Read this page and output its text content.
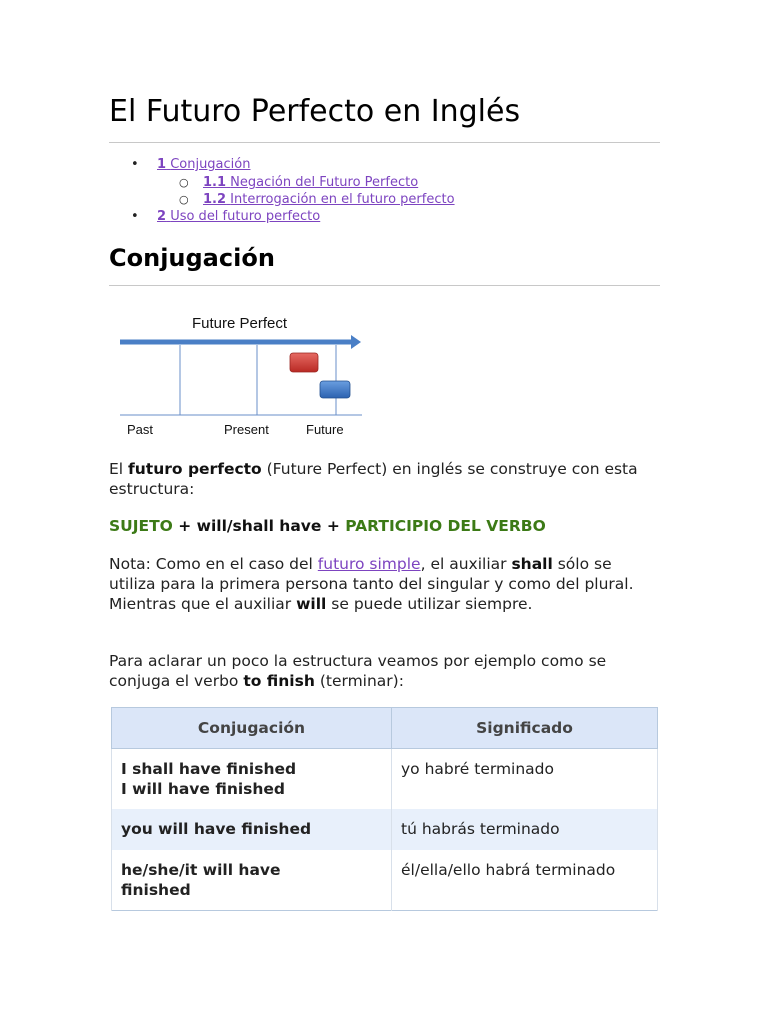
El Futuro Perfecto en Inglés
• 1 Conjugación
○ 1.1 Negación del Futuro Perfecto
○ 1.2 Interrogación en el futuro perfecto
• 2 Uso del futuro perfecto
Conjugación
Future Perfect
Past	Present	Future
El futuro perfecto (Future Perfect) en inglés se construye con esta estructura:
SUJETO + will/shall have + PARTICIPIO DEL VERBO
Nota: Como en el caso del futuro simple, el auxiliar shall sólo se utiliza para la primera persona tanto del singular y como del plural. Mientras que el auxiliar will se puede utilizar siempre.
Para aclarar un poco la estructura veamos por ejemplo como se conjuga el verbo to finish (terminar):
Conjugación	Significado

I shall have finished
I will have finished	yo habré terminado

you will have finished	tú habrás terminado

he/she/it will have
finished	él/ella/ello habrá terminado
